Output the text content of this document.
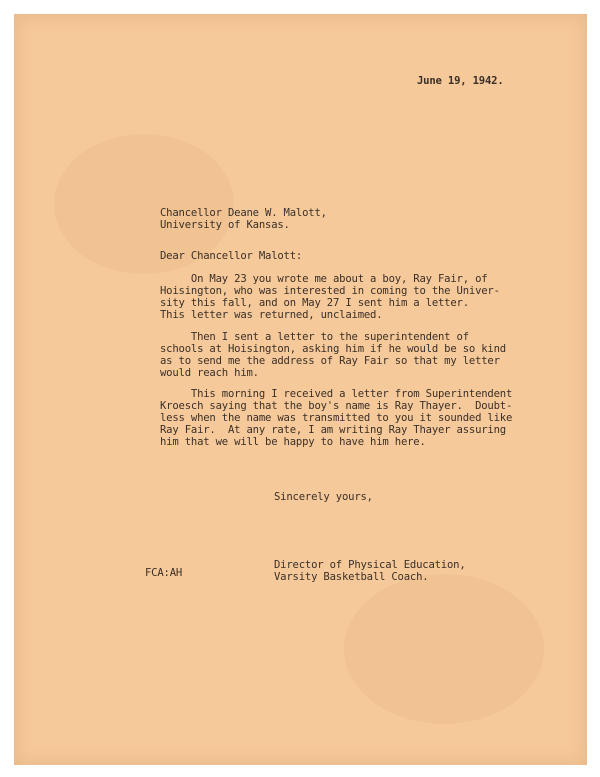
June 19, 1942.
Chancellor Deane W. Malott,
University of Kansas.
Dear Chancellor Malott:
On May 23 you wrote me about a boy, Ray Fair, of
Hoisington, who was interested in coming to the Univer-
sity this fall, and on May 27 I sent him a letter.
This letter was returned, unclaimed.
Then I sent a letter to the superintendent of
schools at Hoisington, asking him if he would be so kind
as to send me the address of Ray Fair so that my letter
would reach him.
This morning I received a letter from Superintendent
Kroesch saying that the boy's name is Ray Thayer.  Doubt-
less when the name was transmitted to you it sounded like
Ray Fair.  At any rate, I am writing Ray Thayer assuring
him that we will be happy to have him here.
Sincerely yours,
FCA:AH
Director of Physical Education,
Varsity Basketball Coach.
